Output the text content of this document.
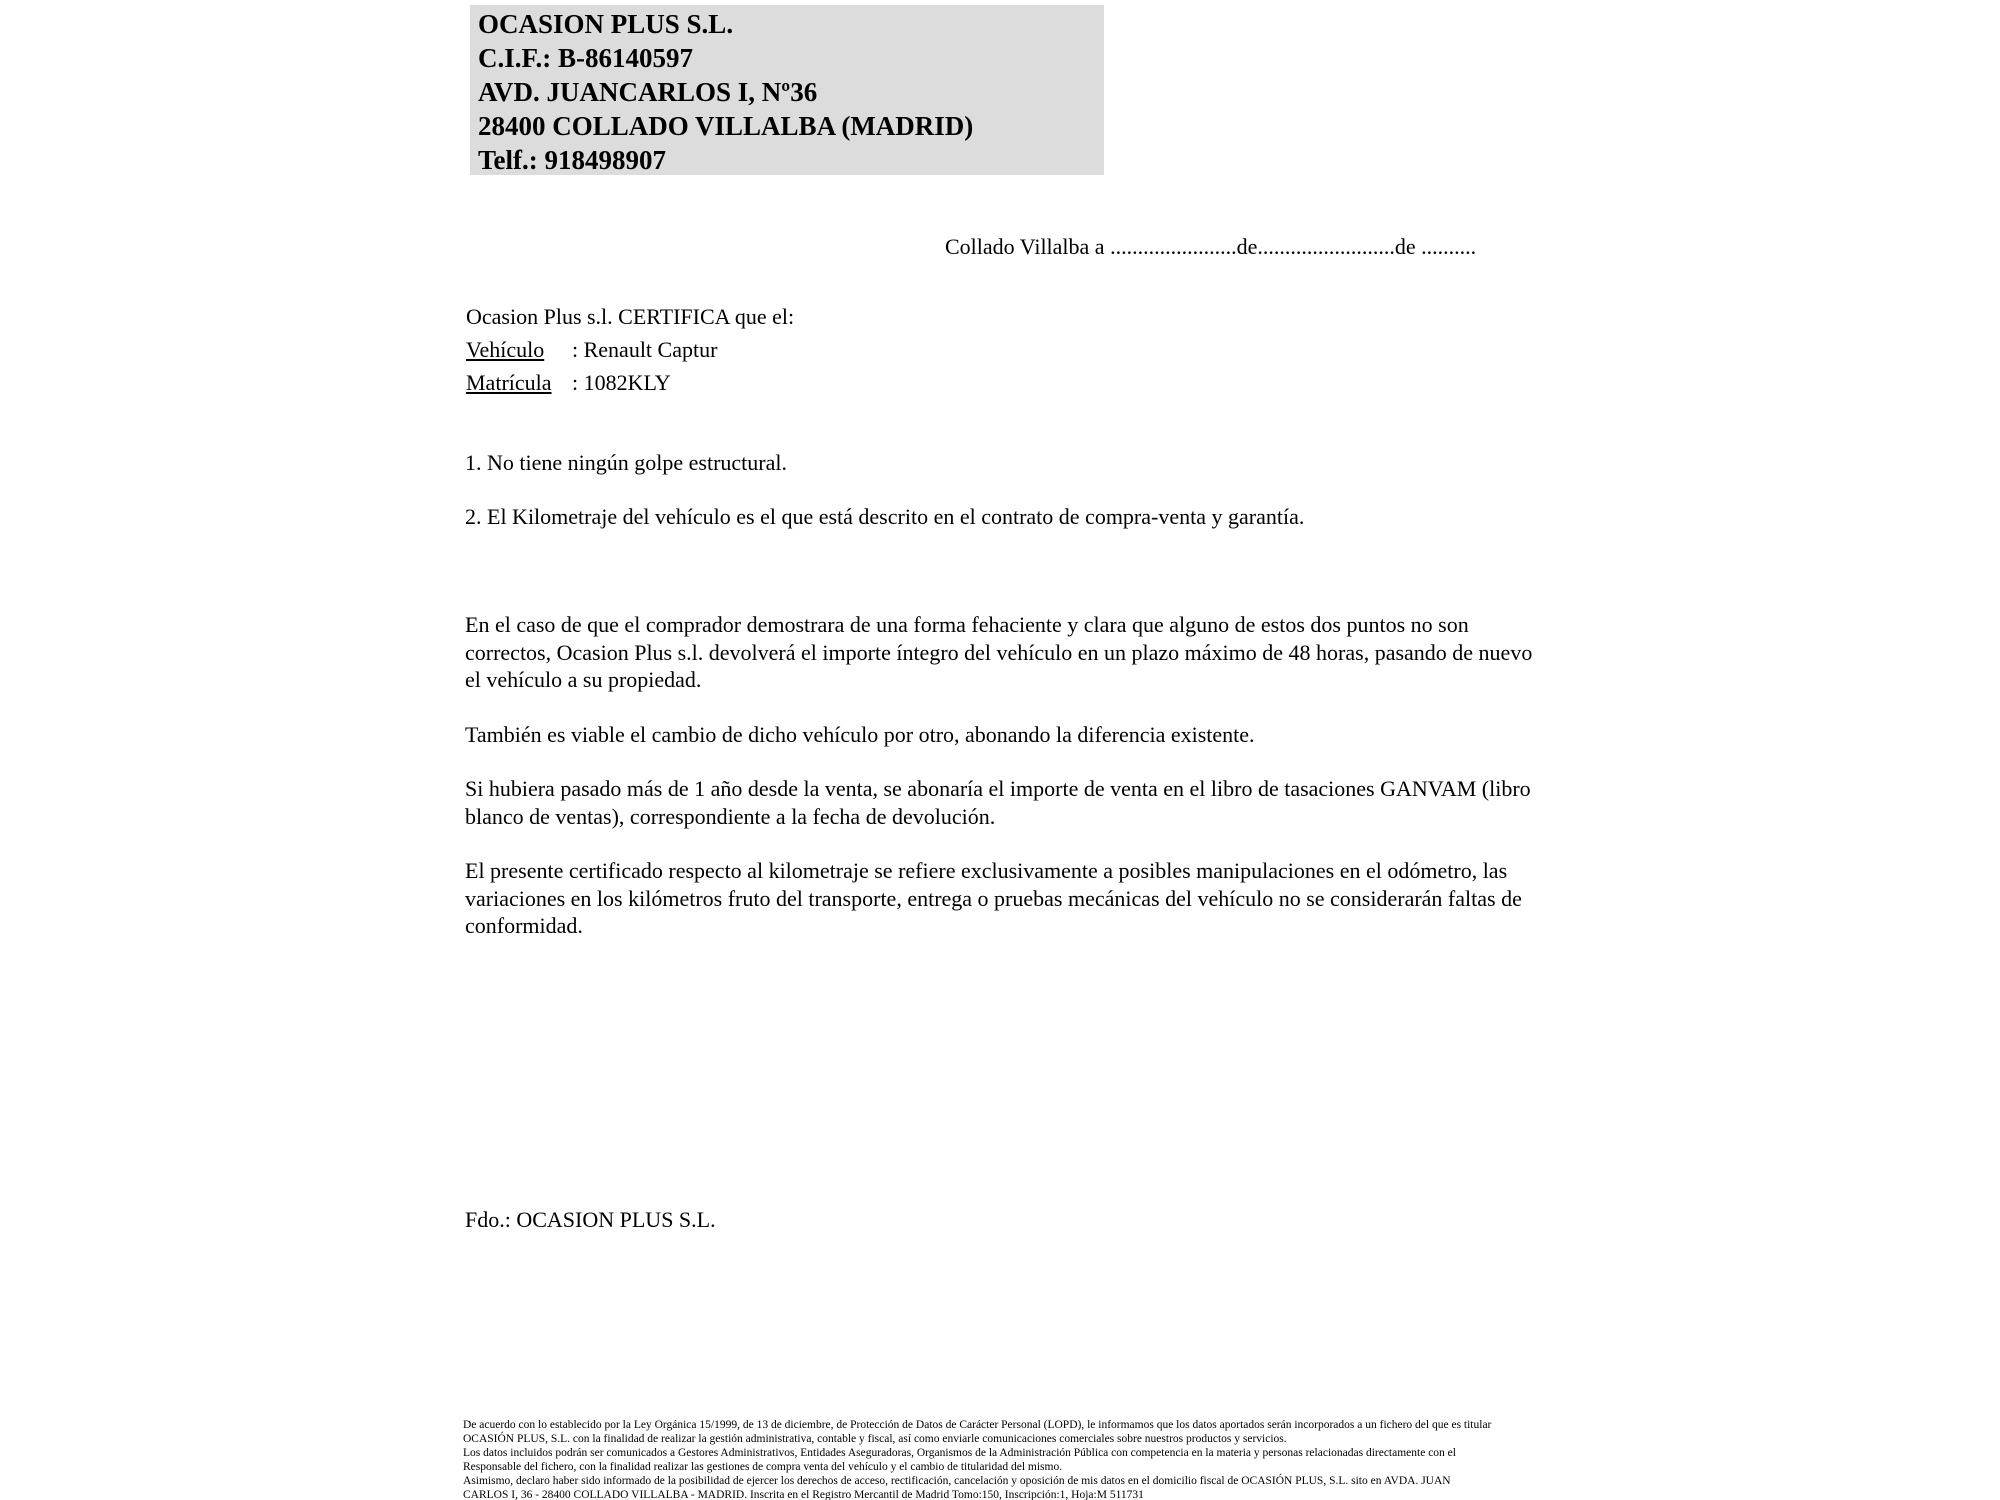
OCASION PLUS S.L.
C.I.F.: B-86140597
AVD. JUANCARLOS I, Nº36
28400 COLLADO VILLALBA (MADRID)
Telf.: 918498907
Collado Villalba a .......................de.........................de ..........
Ocasion Plus s.l. CERTIFICA que el:
Vehículo : Renault Captur
Matrícula : 1082KLY
1. No tiene ningún golpe estructural.
2. El Kilometraje del vehículo es el que está descrito en el contrato de compra-venta y garantía.

En el caso de que el comprador demostrara de una forma fehaciente y clara que alguno de estos dos puntos no son correctos, Ocasion Plus s.l. devolverá el importe íntegro del vehículo en un plazo máximo de 48 horas, pasando de nuevo el vehículo a su propiedad.

También es viable el cambio de dicho vehículo por otro, abonando la diferencia existente.

Si hubiera pasado más de 1 año desde la venta, se abonaría el importe de venta en el libro de tasaciones GANVAM (libro blanco de ventas), correspondiente a la fecha de devolución.

El presente certificado respecto al kilometraje se refiere exclusivamente a posibles manipulaciones en el odómetro, las variaciones en los kilómetros fruto del transporte, entrega o pruebas mecánicas del vehículo no se considerarán faltas de conformidad.

Fdo.: OCASION PLUS S.L.
De acuerdo con lo establecido por la Ley Orgánica 15/1999, de 13 de diciembre, de Protección de Datos de Carácter Personal (LOPD), le informamos que los datos aportados serán incorporados a un fichero del que es titular
OCASIÓN PLUS, S.L. con la finalidad de realizar la gestión administrativa, contable y fiscal, así como enviarle comunicaciones comerciales sobre nuestros productos y servicios.
Los datos incluidos podrán ser comunicados a Gestores Administrativos, Entidades Aseguradoras, Organismos de la Administración Pública con competencia en la materia y personas relacionadas directamente con el
Responsable del fichero, con la finalidad realizar las gestiones de compra venta del vehículo y el cambio de titularidad del mismo.
Asimismo, declaro haber sido informado de la posibilidad de ejercer los derechos de acceso, rectificación, cancelación y oposición de mis datos en el domicilio fiscal de OCASIÓN PLUS, S.L. sito en AVDA. JUAN
CARLOS I, 36 - 28400 COLLADO VILLALBA - MADRID. Inscrita en el Registro Mercantil de Madrid Tomo:150, Inscripción:1, Hoja:M 511731
